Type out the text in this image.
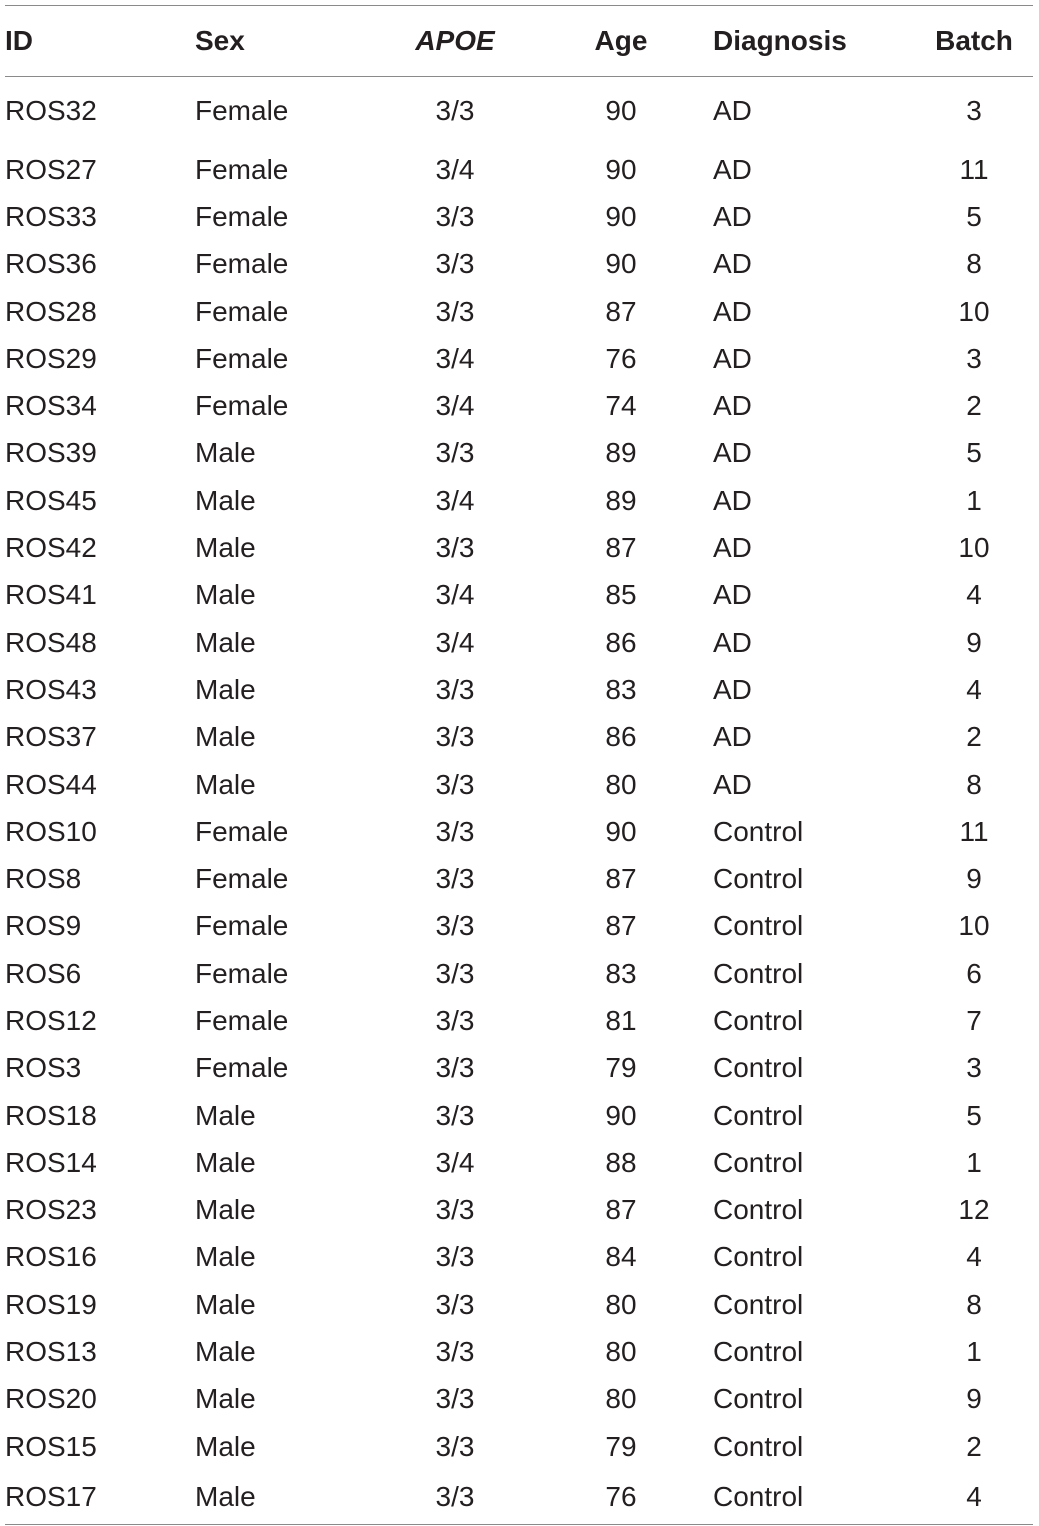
ID	Sex	APOE	Age	Diagnosis	Batch
ROS32	Female	3/3	90	AD	3
ROS27	Female	3/4	90	AD	11
ROS33	Female	3/3	90	AD	5
ROS36	Female	3/3	90	AD	8
ROS28	Female	3/3	87	AD	10
ROS29	Female	3/4	76	AD	3
ROS34	Female	3/4	74	AD	2
ROS39	Male	3/3	89	AD	5
ROS45	Male	3/4	89	AD	1
ROS42	Male	3/3	87	AD	10
ROS41	Male	3/4	85	AD	4
ROS48	Male	3/4	86	AD	9
ROS43	Male	3/3	83	AD	4
ROS37	Male	3/3	86	AD	2
ROS44	Male	3/3	80	AD	8
ROS10	Female	3/3	90	Control	11
ROS8	Female	3/3	87	Control	9
ROS9	Female	3/3	87	Control	10
ROS6	Female	3/3	83	Control	6
ROS12	Female	3/3	81	Control	7
ROS3	Female	3/3	79	Control	3
ROS18	Male	3/3	90	Control	5
ROS14	Male	3/4	88	Control	1
ROS23	Male	3/3	87	Control	12
ROS16	Male	3/3	84	Control	4
ROS19	Male	3/3	80	Control	8
ROS13	Male	3/3	80	Control	1
ROS20	Male	3/3	80	Control	9
ROS15	Male	3/3	79	Control	2
ROS17	Male	3/3	76	Control	4
